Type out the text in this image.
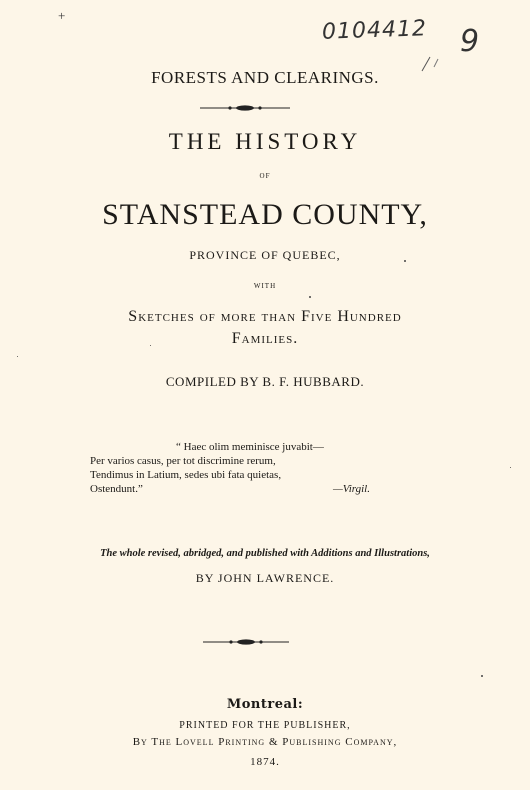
+
0104412 9
FORESTS AND CLEARINGS.
THE HISTORY
OF
STANSTEAD COUNTY,
PROVINCE OF QUEBEC,
WITH
Sketches of more than Five Hundred
Families.
COMPILED BY B. F. HUBBARD.
“ Haec olim meminisce juvabit—
Per varios casus, per tot discrimine rerum,
Tendimus in Latium, sedes ubi fata quietas,
Ostendunt.”	—Virgil.
The whole revised, abridged, and published with Additions and Illustrations,
BY JOHN LAWRENCE.
Montreal:
PRINTED FOR THE PUBLISHER,
By The Lovell Printing & Publishing Company,
1874.
